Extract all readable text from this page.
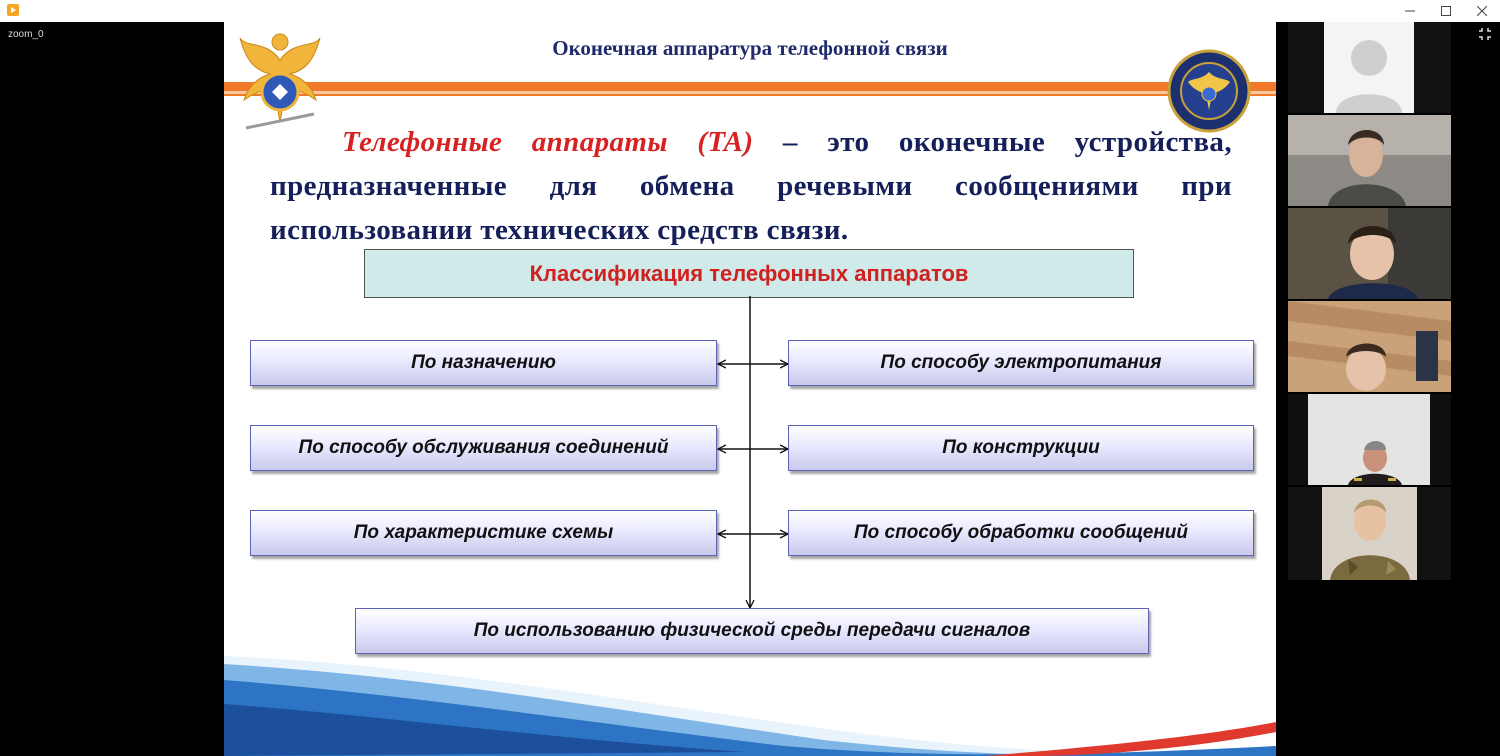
zoom_0
Оконечная аппаратура телефонной связи
Телефонные аппараты (ТА) – это оконечные устройства, предназначенные для обмена речевыми сообщениями при использовании технических средств связи.
Классификация телефонных аппаратов
По назначению	По способу электропитания
По способу обслуживания соединений	По конструкции
По характеристике схемы	По способу обработки сообщений
По использованию физической среды передачи сигналов
